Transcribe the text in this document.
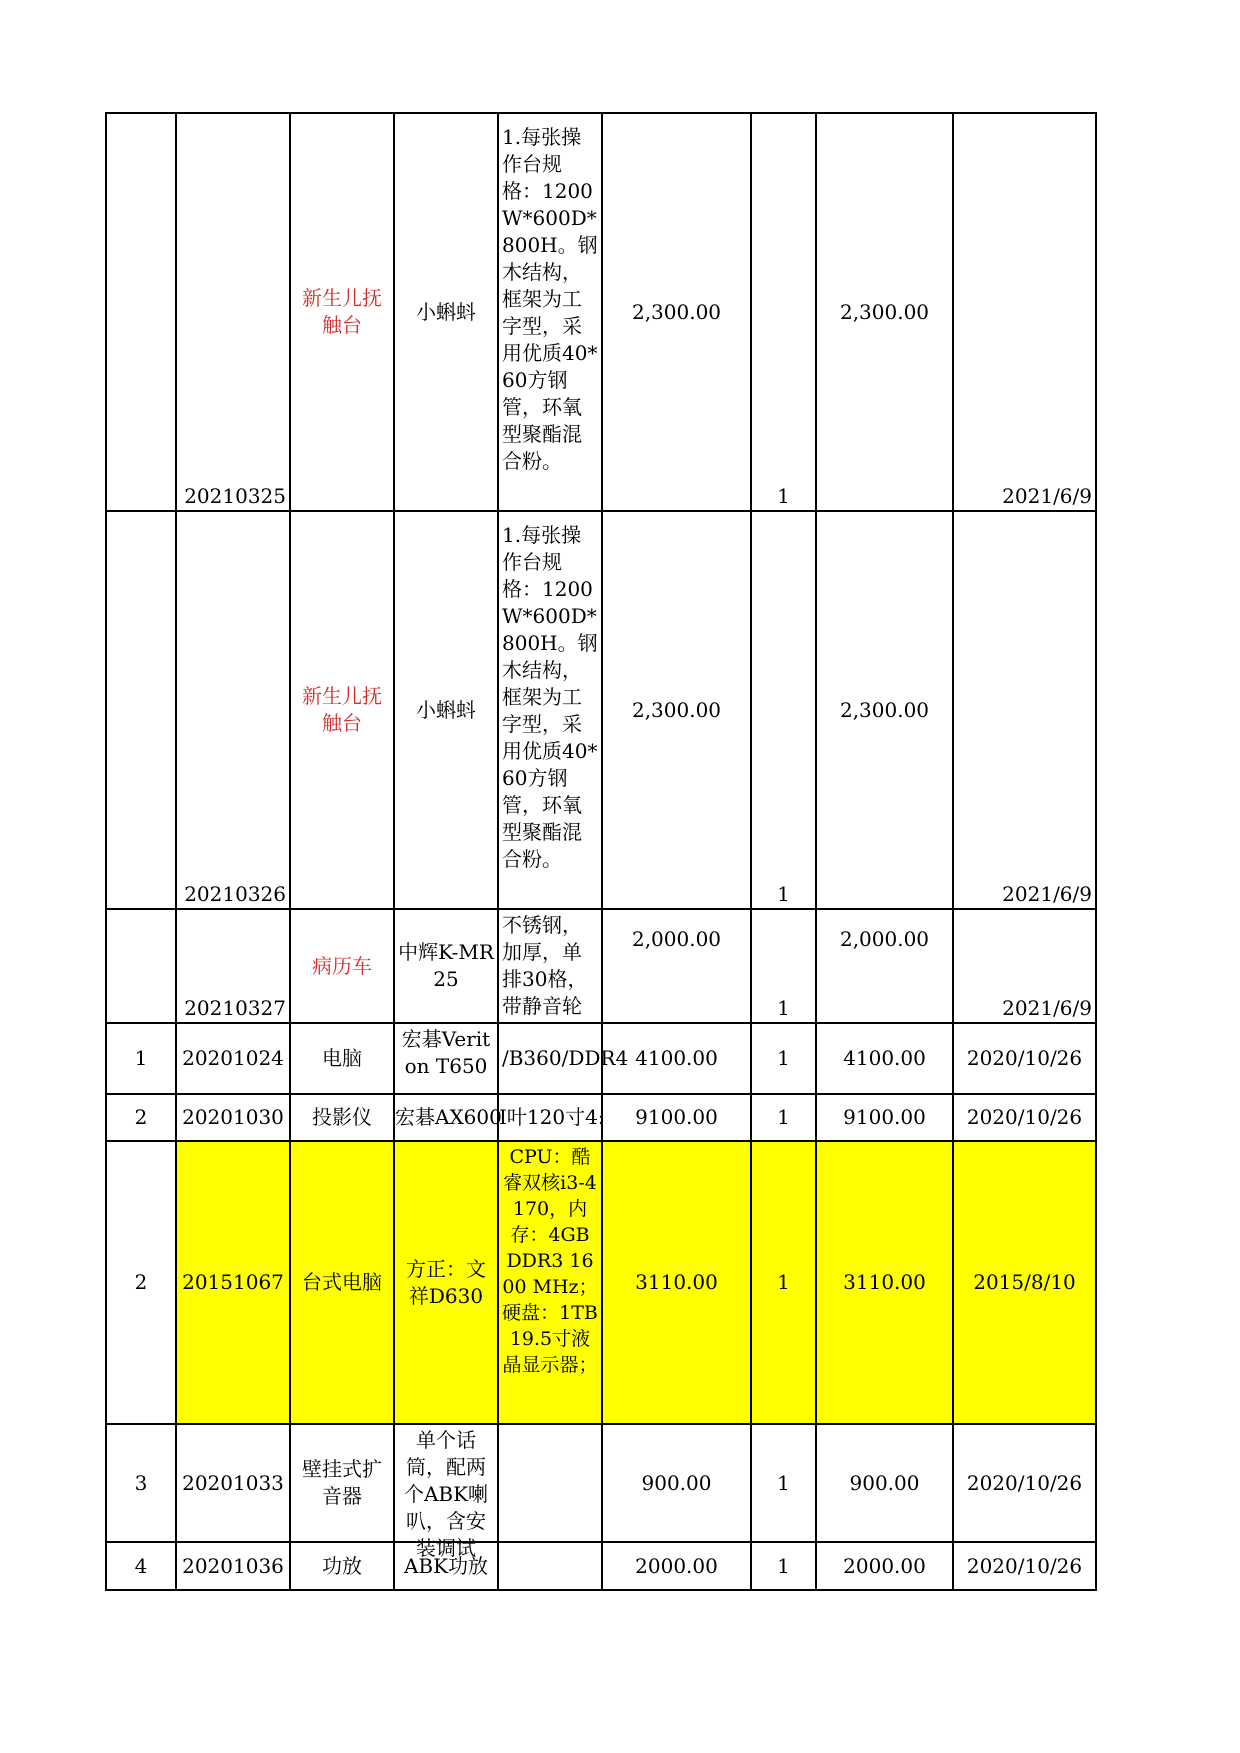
	20210325	新生儿抚触台	小蝌蚪	1.每张操作台规格：1200W*600D*800H。钢木结构，框架为工字型，采用优质40*60方钢管，环氧型聚酯混合粉。	2,300.00	1	2,300.00	2021/6/9
	20210326	新生儿抚触台	小蝌蚪	1.每张操作台规格：1200W*600D*800H。钢木结构，框架为工字型，采用优质40*60方钢管，环氧型聚酯混合粉。	2,300.00	1	2,300.00	2021/6/9
	20210327	病历车	中辉K-MR25	不锈钢，加厚，单排30格，带静音轮	2,000.00	1	2,000.00	2021/6/9
1	20201024	电脑	宏碁Veriton T650	/B360/DDR4	4100.00	1	4100.00	2020/10/26
2	20201030	投影仪	宏碁AX600	I叶120寸4:	9100.00	1	9100.00	2020/10/26
2	20151067	台式电脑	方正：文祥D630	CPU：酷睿双核i3-4170，内存：4GB DDR3 1600 MHz；硬盘：1TB19.5寸液晶显示器；	3110.00	1	3110.00	2015/8/10
3	20201033	壁挂式扩音器	单个话筒，配两个ABK喇叭，含安装调试		900.00	1	900.00	2020/10/26
4	20201036	功放	ABK功放		2000.00	1	2000.00	2020/10/26
